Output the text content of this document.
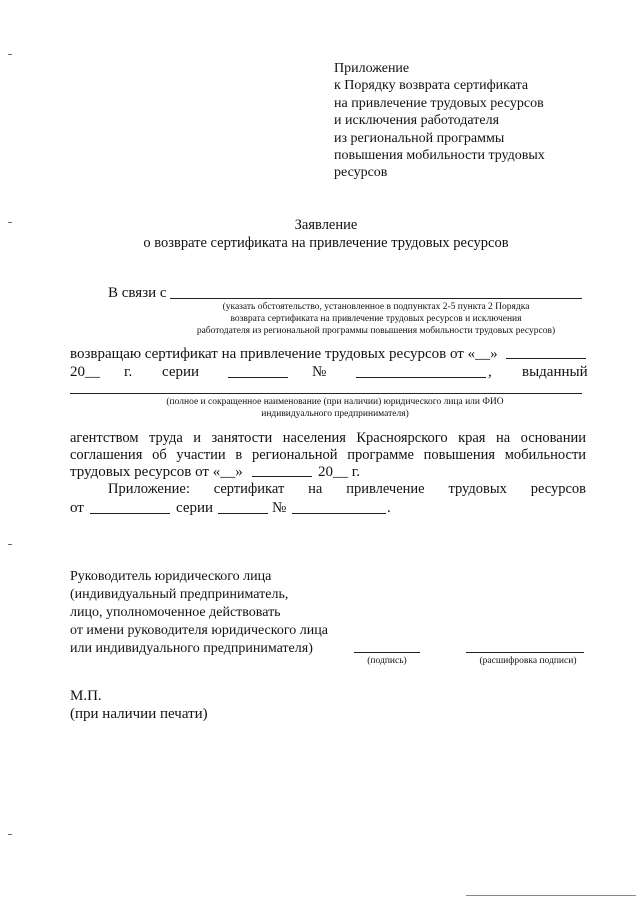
Приложение
к Порядку возврата сертификата
на привлечение трудовых ресурсов
и исключения работодателя
из региональной программы
повышения мобильности трудовых
ресурсов
Заявление
о возврате сертификата на привлечение трудовых ресурсов
В связи с
(указать обстоятельство, установленное в подпунктах 2-5 пункта 2 Порядка
возврата сертификата на привлечение трудовых ресурсов и исключения
работодателя из региональной программы повышения мобильности трудовых ресурсов)
возвращаю сертификат на привлечение трудовых ресурсов от «__»
20__ г. серии	№	, выданный
(полное и сокращенное наименование (при наличии) юридического лица или ФИО
индивидуального предпринимателя)
агентством труда и занятости населения Красноярского края на основании
соглашения об участии в региональной программе повышения мобильности
трудовых ресурсов от «__»	20__ г.
Приложение: сертификат на привлечение трудовых ресурсов
от	серии	№	.
Руководитель юридического лица
(индивидуальный предприниматель,
лицо, уполномоченное действовать
от имени руководителя юридического лица
или индивидуального предпринимателя)
(подпись)	(расшифровка подписи)
М.П.
(при наличии печати)
